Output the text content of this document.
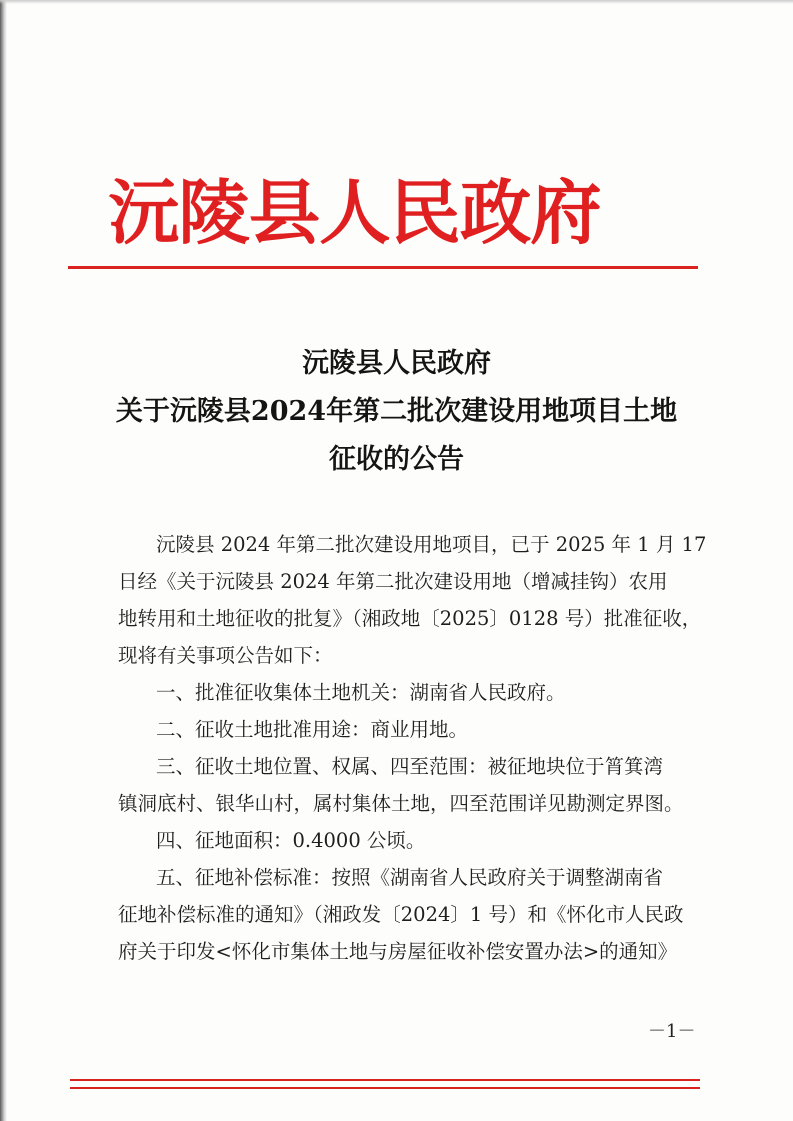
沅陵县人民政府
沅陵县人民政府
关于沅陵县2024年第二批次建设用地项目土地
征收的公告
沅陵县 2024 年第二批次建设用地项目，已于 2025 年 1 月 17
日经《关于沅陵县 2024 年第二批次建设用地（增减挂钩）农用
地转用和土地征收的批复》（湘政地〔2025〕0128 号）批准征收，
现将有关事项公告如下：
一、批准征收集体土地机关：湖南省人民政府。
二、征收土地批准用途：商业用地。
三、征收土地位置、权属、四至范围：被征地块位于筲箕湾
镇洞底村、银华山村，属村集体土地，四至范围详见勘测定界图。
四、征地面积：0.4000 公顷。
五、征地补偿标准：按照《湖南省人民政府关于调整湖南省
征地补偿标准的通知》（湘政发〔2024〕1 号）和《怀化市人民政
府关于印发<怀化市集体土地与房屋征收补偿安置办法>的通知》
－1－
